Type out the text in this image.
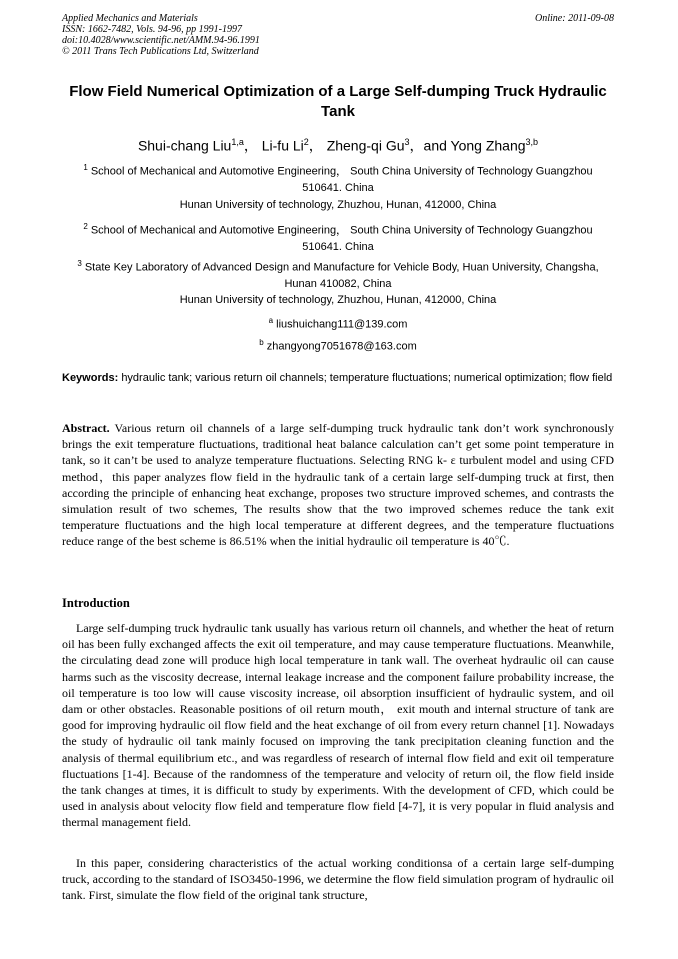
Applied Mechanics and Materials
ISSN: 1662-7482, Vols. 94-96, pp 1991-1997
doi:10.4028/www.scientific.net/AMM.94-96.1991
© 2011 Trans Tech Publications Ltd, Switzerland
Online: 2011-09-08
Flow Field Numerical Optimization of a Large Self-dumping Truck Hydraulic Tank
Shui-chang Liu$^{1,a}$， Li-fu Li$^2$， Zheng-qi Gu$^3$，and Yong Zhang$^{3,b}$
$^1$ School of Mechanical and Automotive Engineering， South China University of Technology Guangzhou 510641. China
Hunan University of technology, Zhuzhou, Hunan, 412000, China
$^2$ School of Mechanical and Automotive Engineering， South China University of Technology Guangzhou 510641. China
$^3$ State Key Laboratory of Advanced Design and Manufacture for Vehicle Body, Huan University, Changsha, Hunan 410082, China
Hunan University of technology, Zhuzhou, Hunan, 412000, China
$^a$ liushuichang111@139.com
$^b$ zhangyong7051678@163.com
Keywords: hydraulic tank; various return oil channels; temperature fluctuations; numerical optimization; flow field
Abstract. Various return oil channels of a large self-dumping truck hydraulic tank don’t work synchronously brings the exit temperature fluctuations, traditional heat balance calculation can’t get some point temperature in tank, so it can’t be used to analyze temperature fluctuations. Selecting RNG k- ε turbulent model and using CFD method，this paper analyzes flow field in the hydraulic tank of a certain large self-dumping truck at first, then according the principle of enhancing heat exchange, proposes two structure improved schemes, and contrasts the simulation result of two schemes, The results show that the two improved schemes reduce the tank exit temperature fluctuations and the high local temperature at different degrees, and the temperature fluctuations reduce range of the best scheme is 86.51% when the initial hydraulic oil temperature is 40℃.
Introduction
Large self-dumping truck hydraulic tank usually has various return oil channels, and whether the heat of return oil has been fully exchanged affects the exit oil temperature, and may cause temperature fluctuations. Meanwhile, the circulating dead zone will produce high local temperature in tank wall. The overheat hydraulic oil can cause harms such as the viscosity decrease, internal leakage increase and the component failure probability increase, the oil temperature is too low will cause viscosity increase, oil absorption insufficient of hydraulic system, and oil dam or other obstacles. Reasonable positions of oil return mouth， exit mouth and internal structure of tank are good for improving hydraulic oil flow field and the heat exchange of oil from every return channel [1]. Nowadays the study of hydraulic oil tank mainly focused on improving the tank precipitation cleaning function and the analysis of thermal equilibrium etc., and was regardless of research of internal flow field and exit oil temperature fluctuations [1-4]. Because of the randomness of the temperature and velocity of return oil, the flow field inside the tank changes at times, it is difficult to study by experiments. With the development of CFD, which could be used in analysis about velocity flow field and temperature flow field [4-7], it is very popular in fluid analysis and thermal management field.
In this paper, considering characteristics of the actual working conditionsa of a certain large self-dumping truck, according to the standard of ISO3450-1996, we determine the flow field simulation program of hydraulic oil tank. First, simulate the flow field of the original tank structure,
